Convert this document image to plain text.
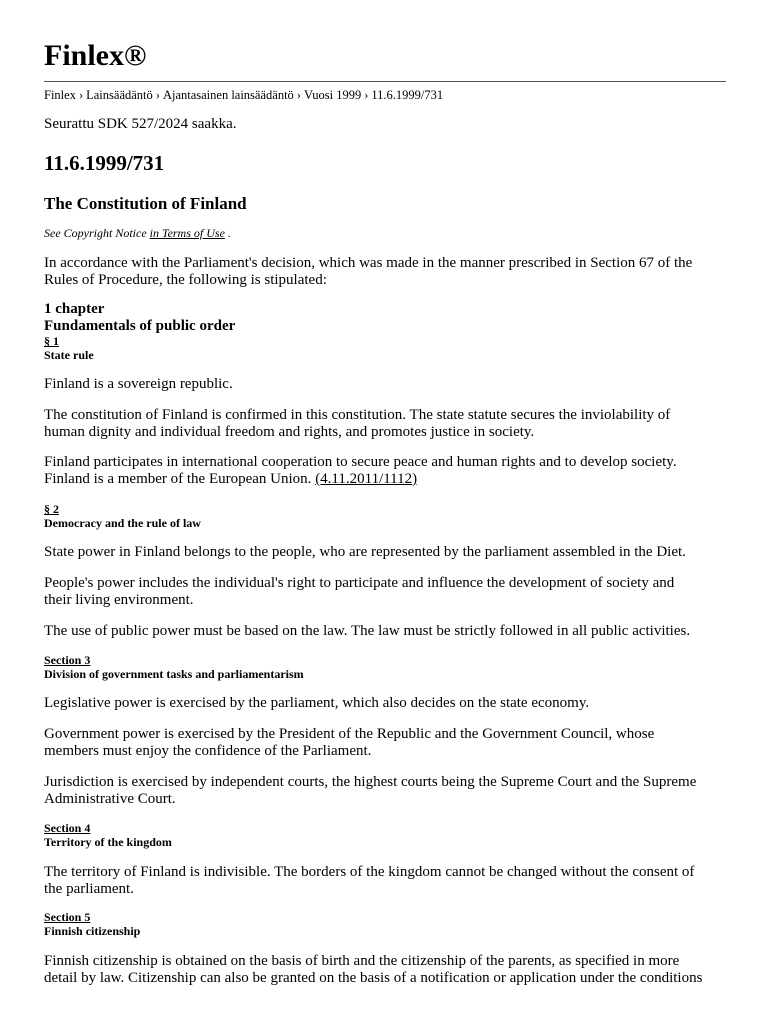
Finlex®
Finlex › Lainsäädäntö › Ajantasainen lainsäädäntö › Vuosi 1999 › 11.6.1999/731

Seurattu SDK 527/2024 saakka.

11.6.1999/731
The Constitution of Finland

See Copyright Notice in Terms of Use .

In accordance with the Parliament's decision, which was made in the manner prescribed in Section 67 of the
Rules of Procedure, the following is stipulated:
1 chapter
Fundamentals of public order
§ 1
State rule
Finland is a sovereign republic.
The constitution of Finland is confirmed in this constitution. The state statute secures the inviolability of
human dignity and individual freedom and rights, and promotes justice in society.
Finland participates in international cooperation to secure peace and human rights and to develop society.
Finland is a member of the European Union. (4.11.2011/1112)
§ 2
Democracy and the rule of law
State power in Finland belongs to the people, who are represented by the parliament assembled in the Diet.
People's power includes the individual's right to participate and influence the development of society and
their living environment.
The use of public power must be based on the law. The law must be strictly followed in all public activities.
Section 3
Division of government tasks and parliamentarism
Legislative power is exercised by the parliament, which also decides on the state economy.
Government power is exercised by the President of the Republic and the Government Council, whose
members must enjoy the confidence of the Parliament.
Jurisdiction is exercised by independent courts, the highest courts being the Supreme Court and the Supreme
Administrative Court.
Section 4
Territory of the kingdom
The territory of Finland is indivisible. The borders of the kingdom cannot be changed without the consent of
the parliament.
Section 5
Finnish citizenship
Finnish citizenship is obtained on the basis of birth and the citizenship of the parents, as specified in more
detail by law. Citizenship can also be granted on the basis of a notification or application under the conditions
